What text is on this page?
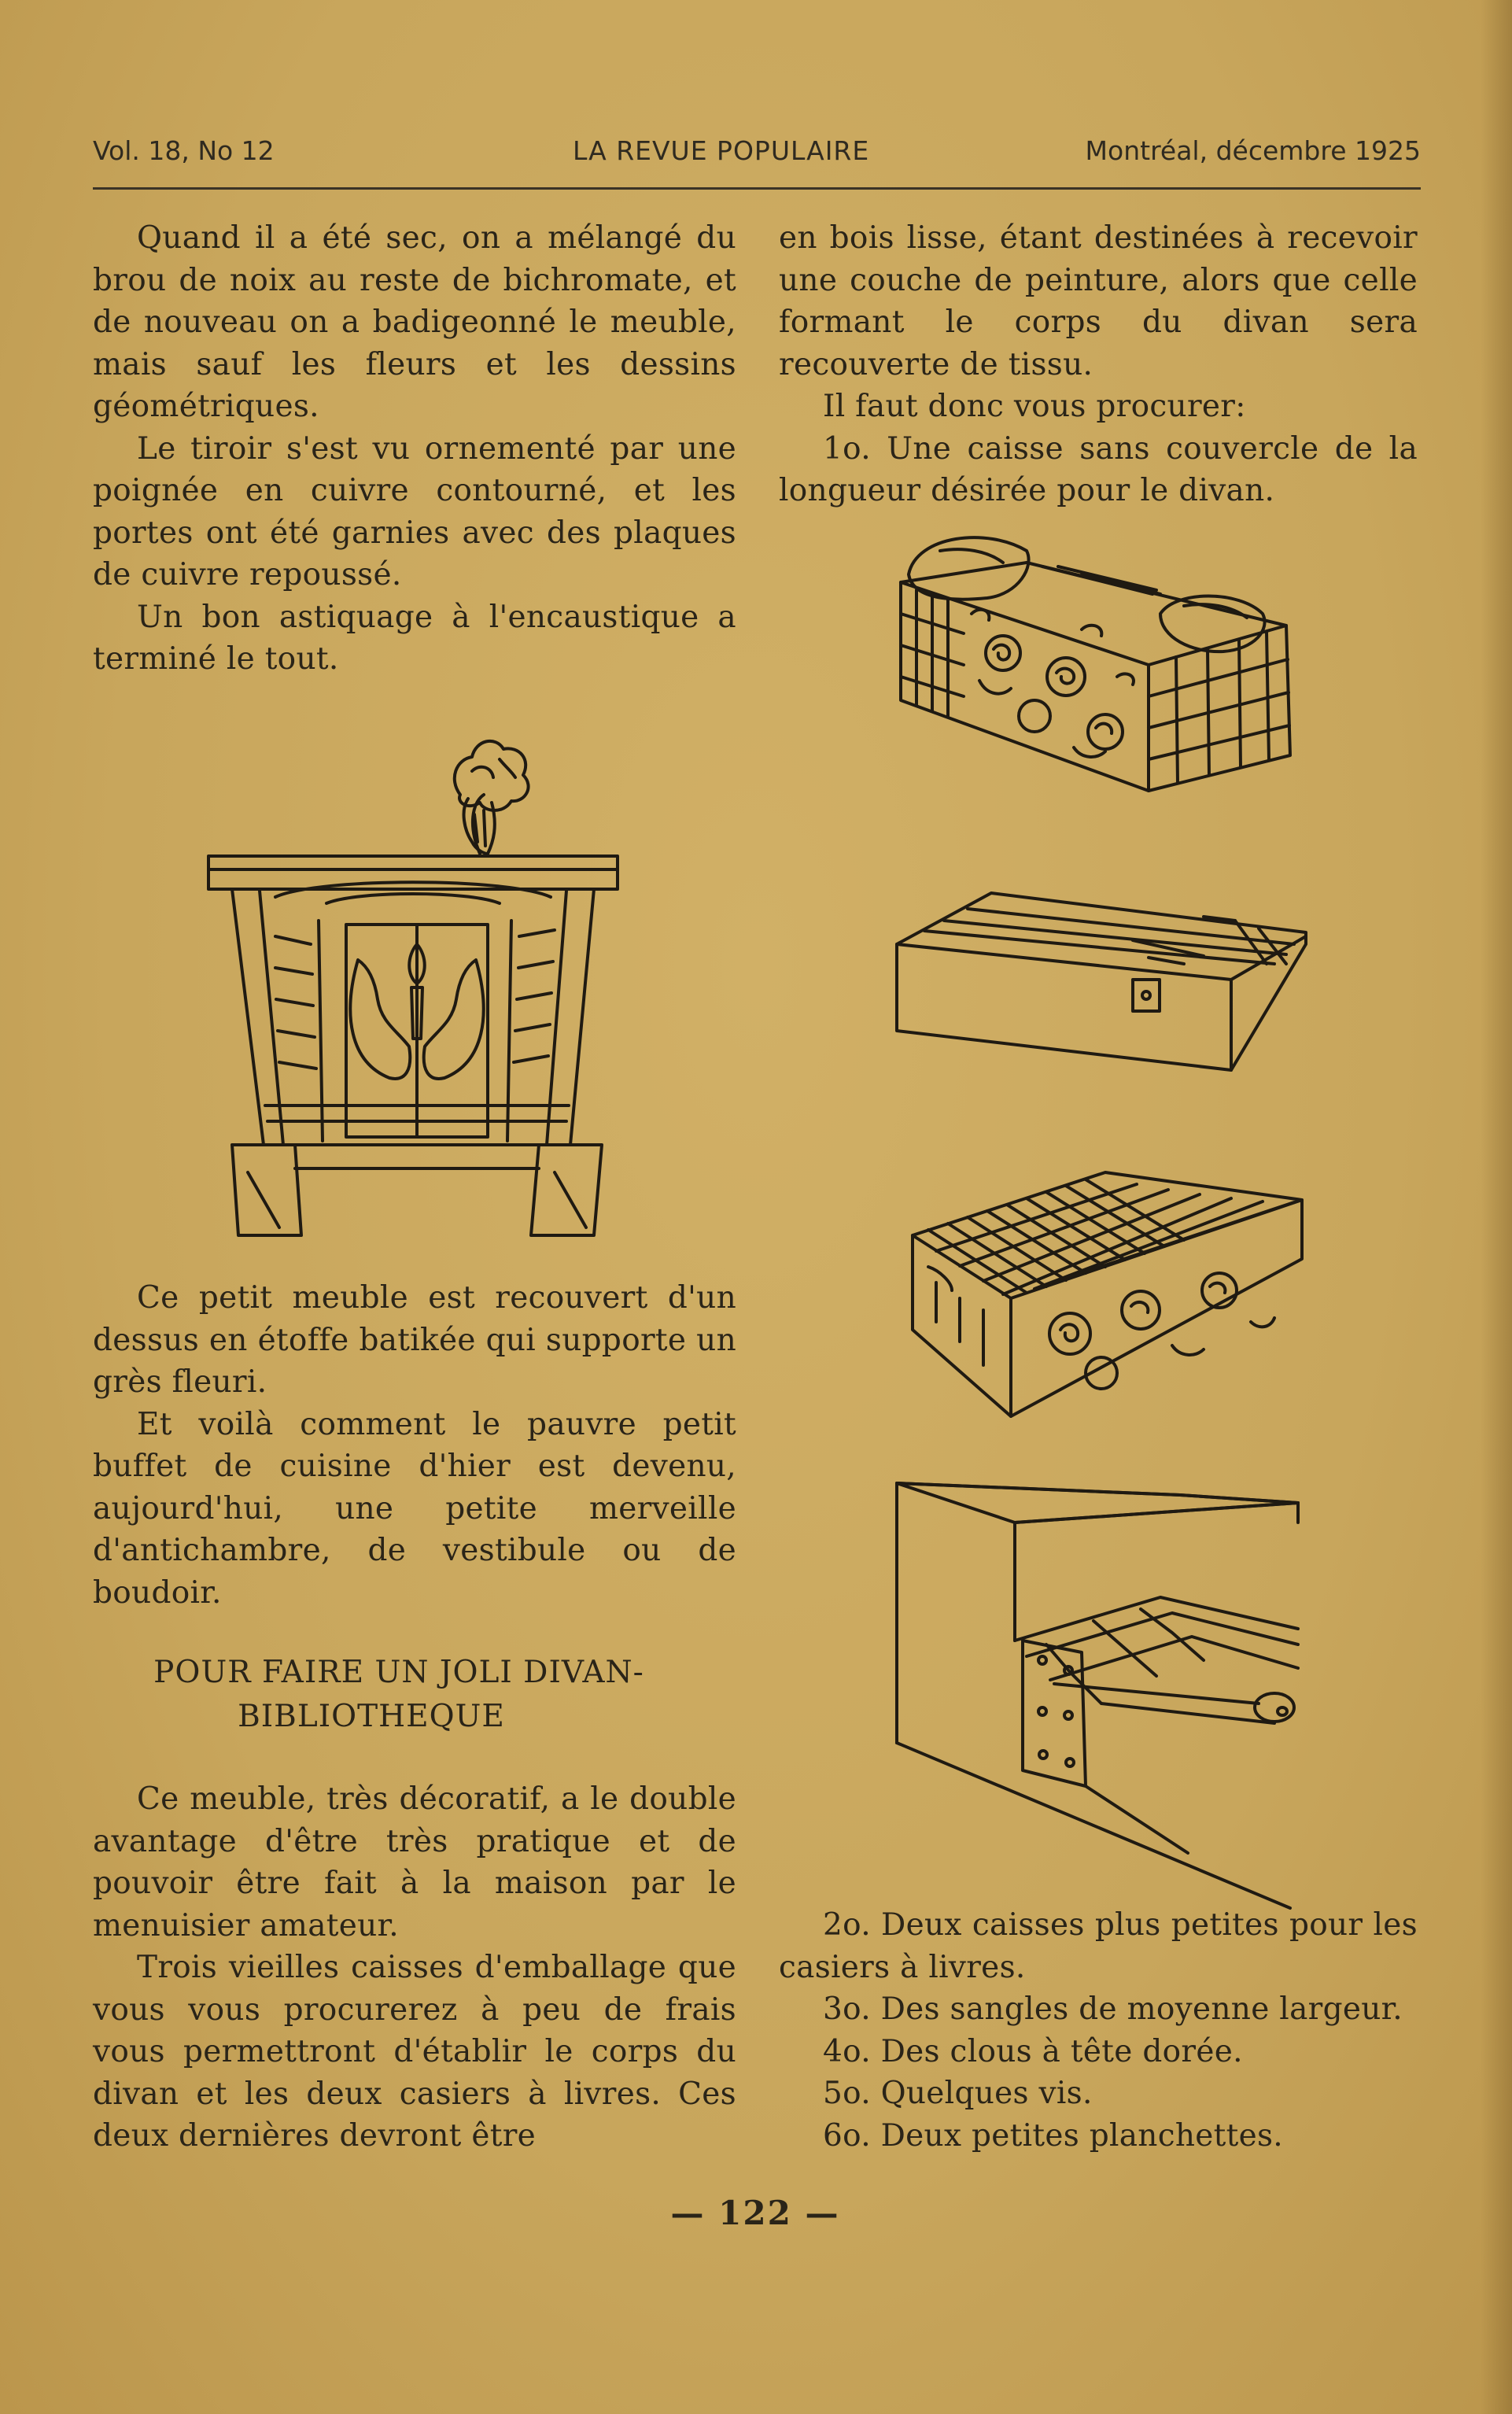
Vol. 18, No 12	LA REVUE POPULAIRE	Montréal, décembre 1925

Quand il a été sec, on a mélangé du brou de noix au reste de bichromate, et de nouveau on a badigeonné le meuble, mais sauf les fleurs et les dessins géométriques.

Le tiroir s'est vu ornementé par une poignée en cuivre contourné, et les portes ont été garnies avec des plaques de cuivre repoussé.

Un bon astiquage à l'encaustique a terminé le tout.

Ce petit meuble est recouvert d'un dessus en étoffe batikée qui supporte un grès fleuri.

Et voilà comment le pauvre petit buffet de cuisine d'hier est devenu, aujourd'hui, une petite merveille d'antichambre, de vestibule ou de boudoir.

POUR FAIRE UN JOLI DIVAN-
BIBLIOTHEQUE

Ce meuble, très décoratif, a le double avantage d'être très pratique et de pouvoir être fait à la maison par le menuisier amateur.

Trois vieilles caisses d'emballage que vous vous procurerez à peu de frais vous permettront d'établir le corps du divan et les deux casiers à livres. Ces deux dernières devront être

en bois lisse, étant destinées à recevoir une couche de peinture, alors que celle formant le corps du divan sera recouverte de tissu.

Il faut donc vous procurer:

1o. Une caisse sans couvercle de la longueur désirée pour le divan.

2o. Deux caisses plus petites pour les casiers à livres.

3o. Des sangles de moyenne largeur.

4o. Des clous à tête dorée.

5o. Quelques vis.

6o. Deux petites planchettes.

— 122 —
